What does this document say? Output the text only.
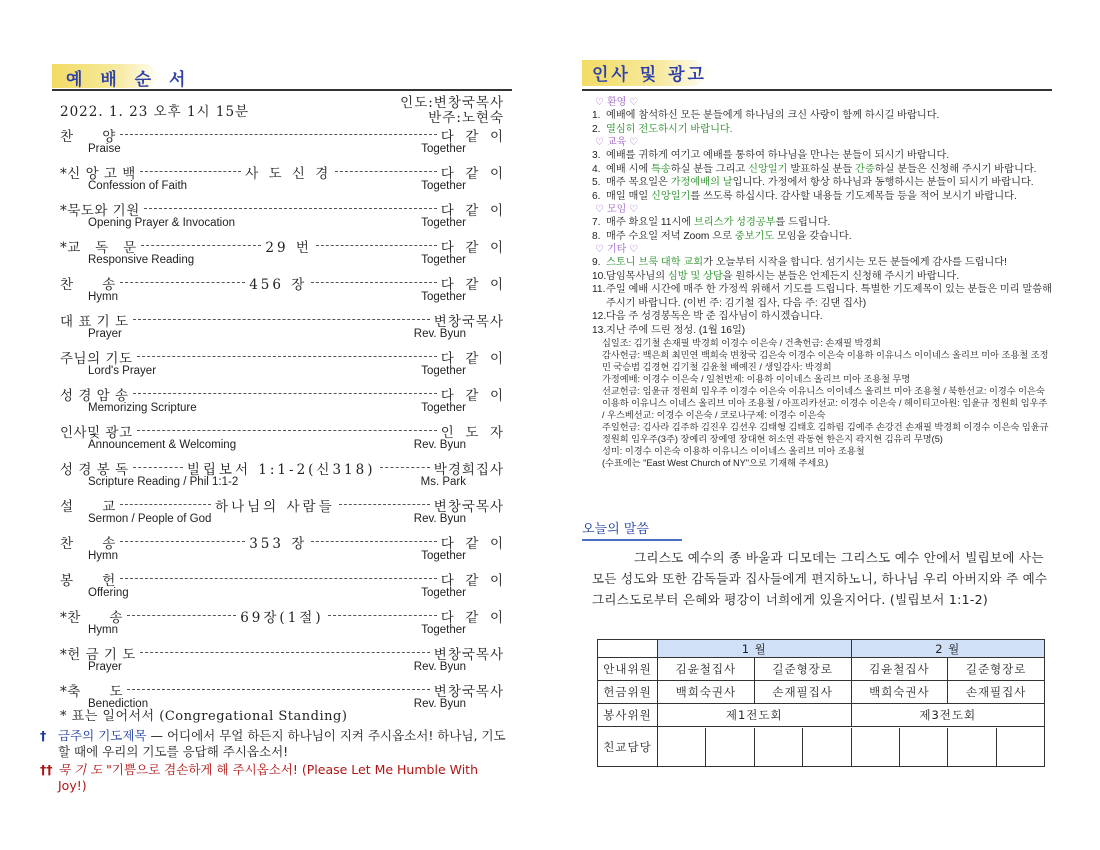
예 배 순 서
2022. 1. 23 오후 1시 15분
인도:변창국목사
반주:노현숙
찬      양	다  같  이
Praise	Together
*신 앙 고 백	사 도 신 경	다  같  이
Confession of Faith	Together
*묵도와 기원	다  같  이
Opening Prayer & Invocation	Together
*교   독   문	29 번	다  같  이
Responsive Reading	Together
찬      송	456 장	다  같  이
Hymn	Together
대 표 기 도	변창국목사
Prayer	Rev. Byun
주님의 기도	다  같  이
Lord's Prayer	Together
성 경 암 송	다  같  이
Memorizing Scripture	Together
인사및 광고	인  도  자
Announcement & Welcoming	Rev. Byun
성 경 봉 독	빌립보서 1:1-2(신318)	박경희집사
Scripture Reading / Phil 1:1-2	Ms. Park
설      교	하나님의 사람들	변창국목사
Sermon / People of God	Rev. Byun
찬      송	353 장	다  같  이
Hymn	Together
봉      헌	다  같  이
Offering	Together
*찬      송	69장(1절)	다  같  이
Hymn	Together
*헌 금 기 도	변창국목사
Prayer	Rev. Byun
*축      도	변창국목사
Benediction	Rev. Byun
* 표는 일어서서 (Congregational Standing)
† 금주의 기도제목 — 어디에서 무얼 하든지 하나님이 지켜 주시옵소서! 하나님, 기도할 때에 우리의 기도를 응답해 주시옵소서!
†† 묵 기 도 "기쁨으로 겸손하게 해 주시옵소서! (Please Let Me Humble With Joy!)
인사 및 광고
♡ 환영 ♡
1. 예배에 참석하신 모든 분들에게 하나님의 크신 사랑이 함께 하시길 바랍니다.
2. 열심히 전도하시기 바랍니다.
♡ 교육 ♡
3. 예배를 귀하게 여기고 예배를 통하여 하나님을 만나는 분들이 되시기 바랍니다.
4. 예배 시에 특송하실 분들 그리고 신앙일기 발표하실 분들 간증하실 분들은 신청해 주시기 바랍니다.
5. 매주 목요일은 가정예배의 날입니다. 가정에서 항상 하나님과 동행하시는 분들이 되시기 바랍니다.
6. 매일 매일 신앙일기를 쓰도록 하십시다. 감사할 내용들 기도제목들 등을 적어 보시기 바랍니다.
♡ 모임 ♡
7. 매주 화요일 11시에 브리스가 성경공부를 드립니다.
8. 매주 수요일 저녁 Zoom 으로 중보기도 모임을 갖습니다.
♡ 기타 ♡
9. 스토니 브룩 대학 교회가 오늘부터 시작을 합니다. 섬기시는 모든 분들에게 감사를 드립니다!
10. 담임목사님의 심방 및 상담을 원하시는 분들은 언제든지 신청해 주시기 바랍니다.
11. 주일 예배 시간에 매주 한 가정씩 위해서 기도를 드립니다. 특별한 기도제목이 있는 분들은 미리 말씀해 주시기 바랍니다. (이번 주: 김기철 집사, 다음 주: 김댄 집사)
12. 다음 주 성경봉독은 박 준 집사님이 하시겠습니다.
13. 지난 주에 드린 정성. (1월 16일)
십일조: 김기철 손재필 박경희 이경수 이은숙 / 건축헌금: 손재필 박경희
감사헌금: 백은희 최민연 백희숙 변창국 김은숙 이경수 이은숙 이용하 이유니스 이이네스 올리브 미아 조용철 조정민 국승범 김경현 김기철 김윤철 배예진 / 생일감사: 박경희
가정예배: 이경수 이은숙 / 일천번제: 이용하 이이네스 올리브 미아 조용철 무명
선교헌금: 임윤규 정원희 임우주 이경수 이은숙 이유니스 이이네스 올리브 미아 조용철 / 북한선교: 이경수 이은숙 이용하 이유니스 이네스 올리브 미아 조용철 / 아프리카선교: 이경수 이은숙 / 헤이티고아원: 임윤규 정원희 임우주 / 우스베선교: 이경수 이은숙 / 코로나구제: 이경수 이은숙
주일헌금: 김사라 김주하 김진우 김션우 김태형 김태호 김하림 김예주 손강건 손재필 박경희 이경수 이은숙 임윤규 정원희 임우주(3주) 장예리 장예영 장대현 허소연 곽동현 한은지 곽지현 김유리 무명(5)
성미: 이경수 이은숙 이용하 이유니스 이이네스 올리브 미아 조용철
(수표에는 "East West Church of NY"으로 기재해 주세요)
오늘의 말씀
그리스도 예수의 종 바울과 디모데는 그리스도 예수 안에서 빌립보에 사는 모든 성도와 또한 감독들과 집사들에게 편지하노니, 하나님 우리 아버지와 주 예수 그리스도로부터 은혜와 평강이 너희에게 있을지어다. (빌립보서 1:1-2)
	1 월		2 월	
안내위원	김윤철집사	길준형장로	김윤철집사	길준형장로
헌금위원	백희숙권사	손재필집사	백희숙권사	손재필집사
봉사위원	제1전도회		제3전도회	
친교담당				
